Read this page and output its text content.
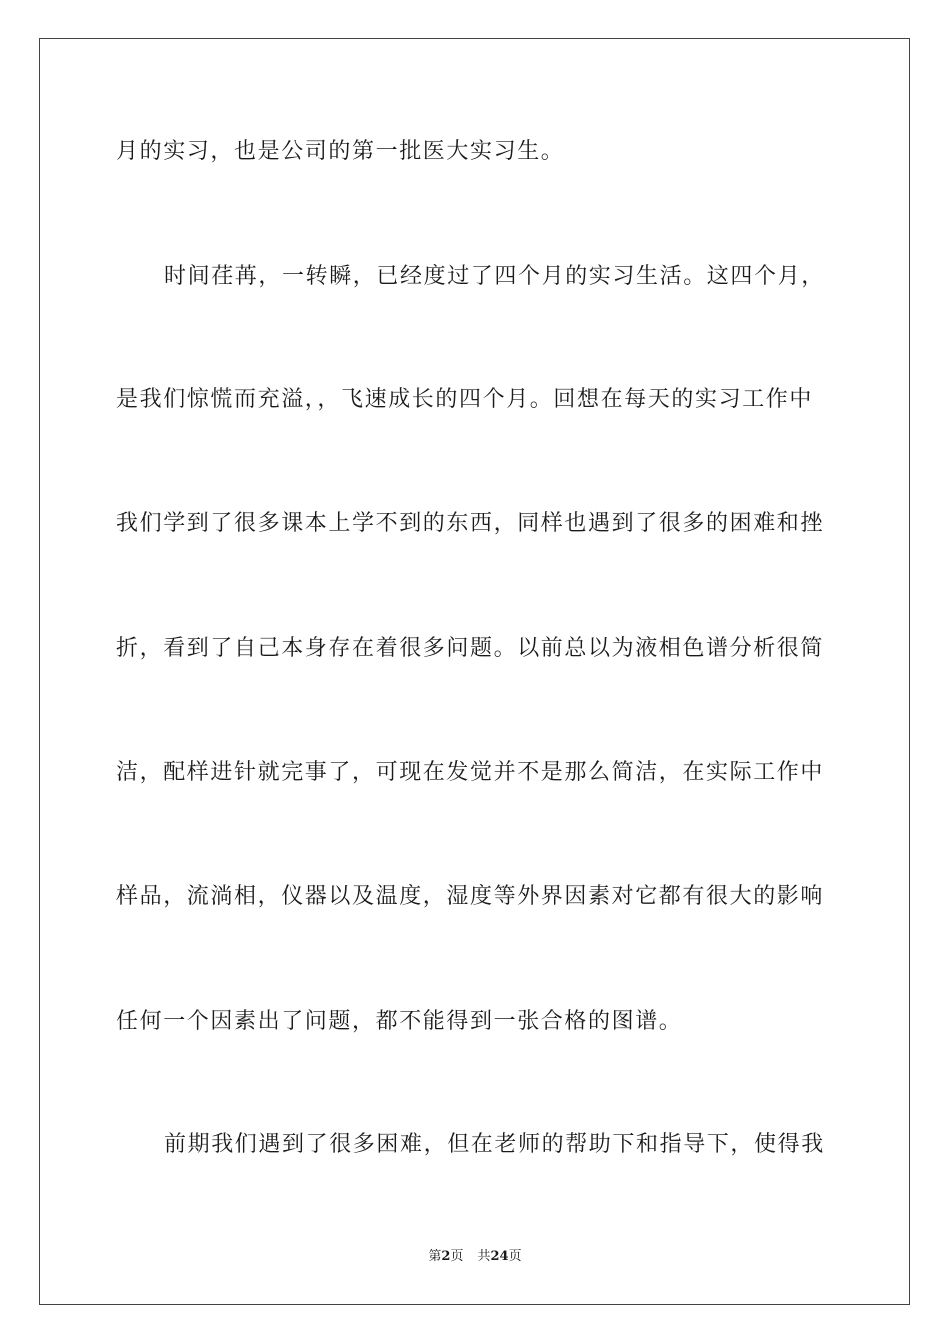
月的实习，也是公司的第一批医大实习生。
时间荏苒，一转瞬，已经度过了四个月的实习生活。这四个月，
是我们惊慌而充溢，，飞速成长的四个月。回想在每天的实习工作中
我们学到了很多课本上学不到的东西，同样也遇到了很多的困难和挫
折，看到了自己本身存在着很多问题。以前总以为液相色谱分析很简
洁，配样进针就完事了，可现在发觉并不是那么简洁，在实际工作中
样品，流淌相，仪器以及温度，湿度等外界因素对它都有很大的影响
任何一个因素出了问题，都不能得到一张合格的图谱。
前期我们遇到了很多困难，但在老师的帮助下和指导下，使得我
第2页 共24页
